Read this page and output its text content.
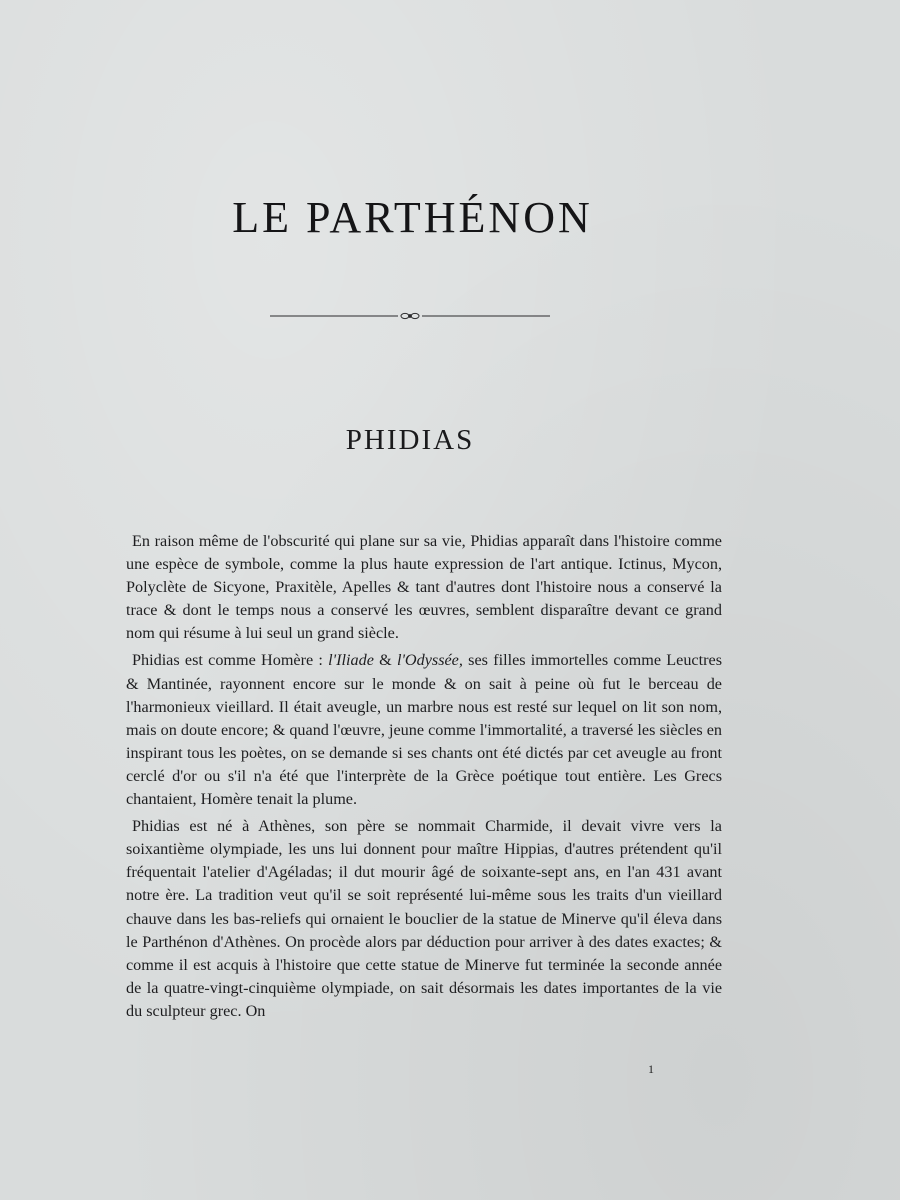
LE PARTHÉNON
PHIDIAS

En raison même de l'obscurité qui plane sur sa vie, Phidias apparaît dans l'histoire comme une espèce de symbole, comme la plus haute expression de l'art antique. Ictinus, Mycon, Polyclète de Sicyone, Praxitèle, Apelles & tant d'autres dont l'histoire nous a conservé la trace & dont le temps nous a conservé les œuvres, semblent disparaître devant ce grand nom qui résume à lui seul un grand siècle.

Phidias est comme Homère : l'Iliade & l'Odyssée, ses filles immortelles comme Leuctres & Mantinée, rayonnent encore sur le monde & on sait à peine où fut le berceau de l'harmonieux vieillard. Il était aveugle, un marbre nous est resté sur lequel on lit son nom, mais on doute encore; & quand l'œuvre, jeune comme l'immortalité, a traversé les siècles en inspirant tous les poètes, on se demande si ses chants ont été dictés par cet aveugle au front cerclé d'or ou s'il n'a été que l'interprète de la Grèce poétique tout entière. Les Grecs chantaient, Homère tenait la plume.

Phidias est né à Athènes, son père se nommait Charmide, il devait vivre vers la soixantième olympiade, les uns lui donnent pour maître Hippias, d'autres prétendent qu'il fréquentait l'atelier d'Agéladas; il dut mourir âgé de soixante-sept ans, en l'an 431 avant notre ère. La tradition veut qu'il se soit représenté lui-même sous les traits d'un vieillard chauve dans les bas-reliefs qui ornaient le bouclier de la statue de Minerve qu'il éleva dans le Parthénon d'Athènes. On procède alors par déduction pour arriver à des dates exactes; & comme il est acquis à l'histoire que cette statue de Minerve fut terminée la seconde année de la quatre-vingt-cinquième olympiade, on sait désormais les dates importantes de la vie du sculpteur grec. On

1
